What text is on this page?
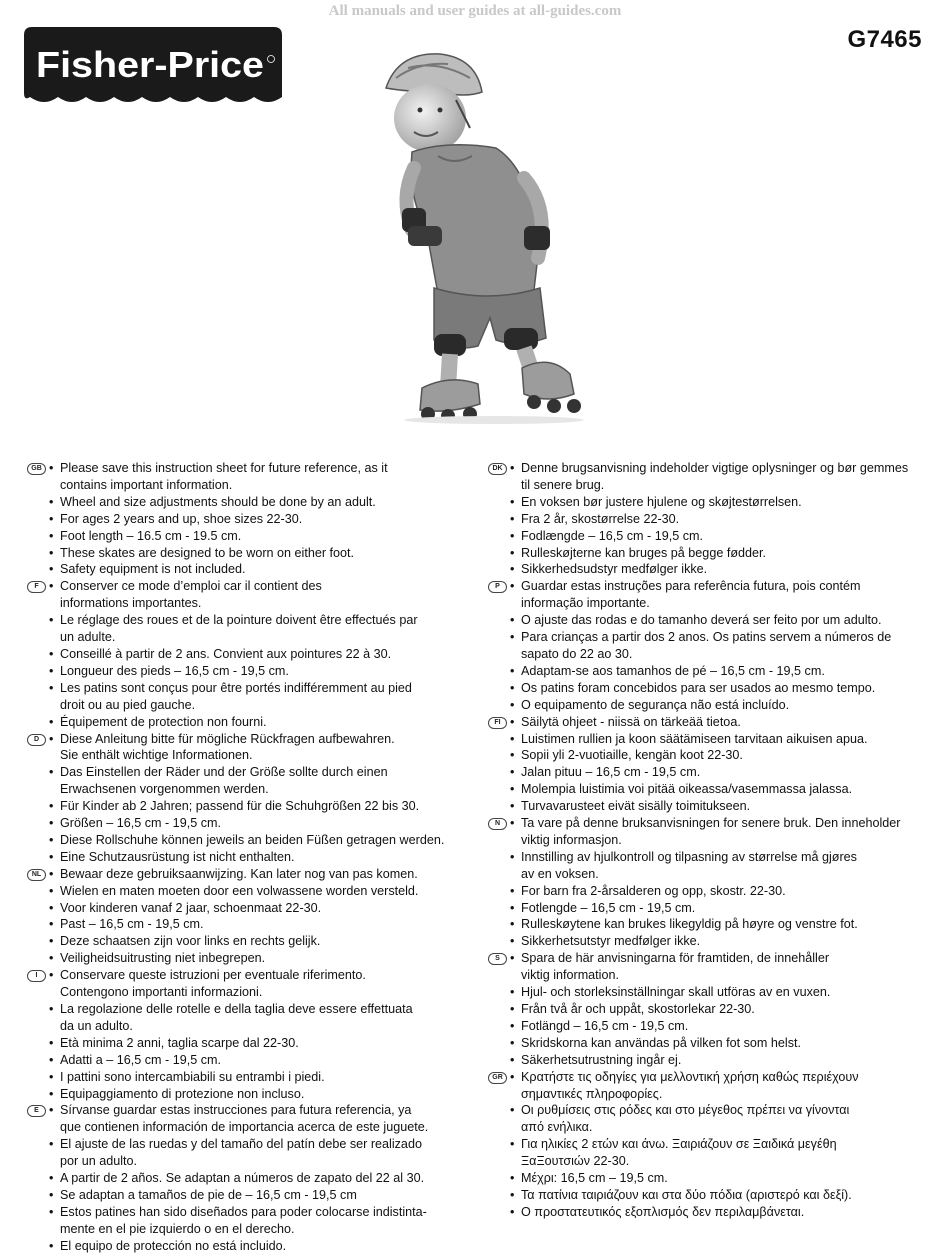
All manuals and user guides at all-guides.com
Fisher-Price
G7465
GB	• Please save this instruction sheet for future reference, as it
contains important information.
• Wheel and size adjustments should be done by an adult.
• For ages 2 years and up, shoe sizes 22-30.
• Foot length – 16.5 cm - 19.5 cm.
• These skates are designed to be worn on either foot.
• Safety equipment is not included.
F	• Conserver ce mode d’emploi car il contient des
informations importantes.
• Le réglage des roues et de la pointure doivent être effectués par
un adulte.
• Conseillé à partir de 2 ans. Convient aux pointures 22 à 30.
• Longueur des pieds – 16,5 cm - 19,5 cm.
• Les patins sont conçus pour être portés indifféremment au pied
droit ou au pied gauche.
• Équipement de protection non fourni.
D	• Diese Anleitung bitte für mögliche Rückfragen aufbewahren.
Sie enthält wichtige Informationen.
• Das Einstellen der Räder und der Größe sollte durch einen
Erwachsenen vorgenommen werden.
• Für Kinder ab 2 Jahren; passend für die Schuhgrößen 22 bis 30.
• Größen – 16,5 cm - 19,5 cm.
• Diese Rollschuhe können jeweils an beiden Füßen getragen werden.
• Eine Schutzausrüstung ist nicht enthalten.
NL	• Bewaar deze gebruiksaanwijzing. Kan later nog van pas komen.
• Wielen en maten moeten door een volwassene worden versteld.
• Voor kinderen vanaf 2 jaar, schoenmaat 22-30.
• Past – 16,5 cm - 19,5 cm.
• Deze schaatsen zijn voor links en rechts gelijk.
• Veiligheidsuitrusting niet inbegrepen.
I	• Conservare queste istruzioni per eventuale riferimento.
Contengono importanti informazioni.
• La regolazione delle rotelle e della taglia deve essere effettuata
da un adulto.
• Età minima 2 anni, taglia scarpe dal 22-30.
• Adatti a – 16,5 cm - 19,5 cm.
• I pattini sono intercambiabili su entrambi i piedi.
• Equipaggiamento di protezione non incluso.
E	• Sírvanse guardar estas instrucciones para futura referencia, ya
que contienen información de importancia acerca de este juguete.
• El ajuste de las ruedas y del tamaño del patín debe ser realizado
por un adulto.
• A partir de 2 años. Se adaptan a números de zapato del 22 al 30.
• Se adaptan a tamaños de pie de – 16,5 cm - 19,5 cm
• Estos patines han sido diseñados para poder colocarse indistinta-
mente en el pie izquierdo o en el derecho.
• El equipo de protección no está incluido.
DK	• Denne brugsanvisning indeholder vigtige oplysninger og bør gemmes
til senere brug.
• En voksen bør justere hjulene og skøjtestørrelsen.
• Fra 2 år, skostørrelse 22-30.
• Fodlængde – 16,5 cm - 19,5 cm.
• Rulleskøjterne kan bruges på begge fødder.
• Sikkerhedsudstyr medfølger ikke.
P	• Guardar estas instruções para referência futura, pois contém
informação importante.
• O ajuste das rodas e do tamanho deverá ser feito por um adulto.
• Para crianças a partir dos 2 anos. Os patins servem a números de
sapato do 22 ao 30.
• Adaptam-se aos tamanhos de pé – 16,5 cm - 19,5 cm.
• Os patins foram concebidos para ser usados ao mesmo tempo.
• O equipamento de segurança não está incluído.
FI	• Säilytä ohjeet - niissä on tärkeää tietoa.
• Luistimen rullien ja koon säätämiseen tarvitaan aikuisen apua.
• Sopii yli 2-vuotiaille, kengän koot 22-30.
• Jalan pituu – 16,5 cm - 19,5 cm.
• Molempia luistimia voi pitää oikeassa/vasemmassa jalassa.
• Turvavarusteet eivät sisälly toimitukseen.
N	• Ta vare på denne bruksanvisningen for senere bruk. Den inneholder
viktig informasjon.
• Innstilling av hjulkontroll og tilpasning av størrelse må gjøres
av en voksen.
• For barn fra 2-årsalderen og opp, skostr. 22-30.
• Fotlengde – 16,5 cm - 19,5 cm.
• Rulleskøytene kan brukes likegyldig på høyre og venstre fot.
• Sikkerhetsutstyr medfølger ikke.
S	• Spara de här anvisningarna för framtiden, de innehåller
viktig information.
• Hjul- och storleksinställningar skall utföras av en vuxen.
• Från två år och uppåt, skostorlekar 22-30.
• Fotlängd – 16,5 cm - 19,5 cm.
• Skridskorna kan användas på vilken fot som helst.
• Säkerhetsutrustning ingår ej.
GR	• Κρατήστε τις οδηγίες για μελλοντική χρήση καθώς περιέχουν
σημαντικές πληροφορίες.
• Οι ρυθμίσεις στις ρόδες και στο μέγεθος πρέπει να γίνονται
από ενήλικα.
• Για ηλικίες 2 ετών και άνω. Ξαιριάζουν σε Ξαιδικά μεγέθη
ΞαΞουτσιών 22-30.
• Μέχρι: 16,5 cm – 19,5 cm.
• Τα πατίνια ταιριάζουν και στα δύο πόδια (αριστερό και δεξί).
• Ο προστατευτικός εξοπλισμός δεν περιλαμβάνεται.
